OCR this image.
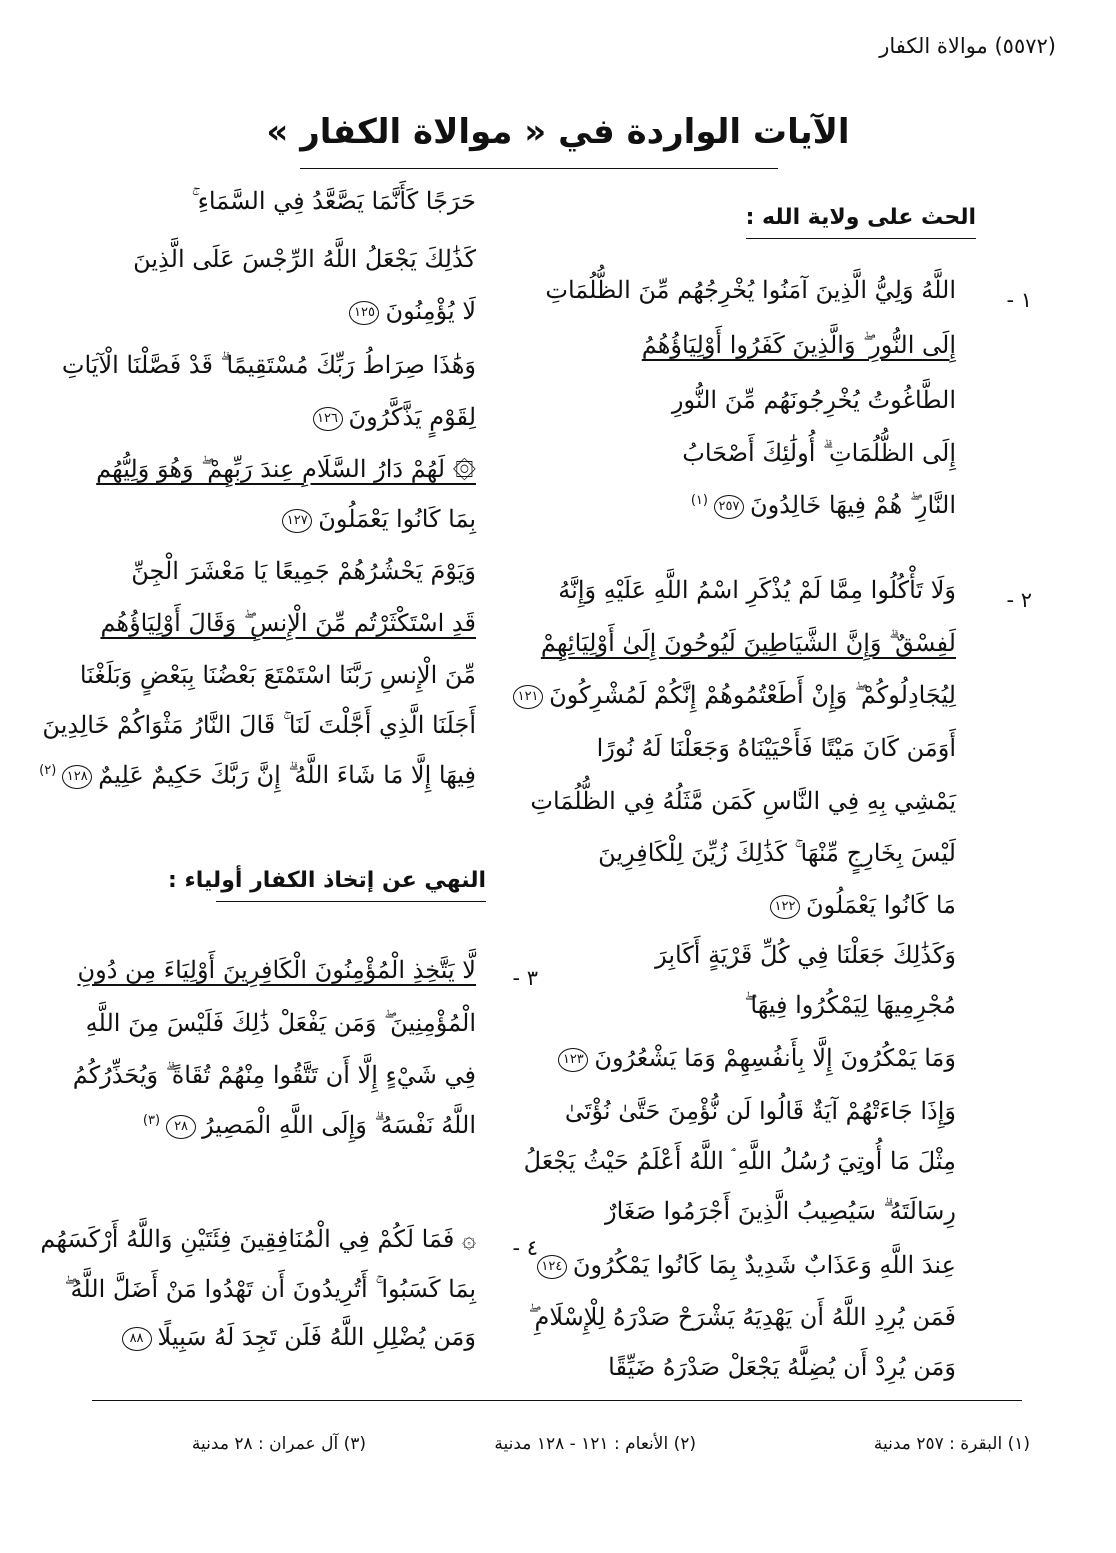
(٥٥٧٢) موالاة الكفار
الآيات الواردة في « موالاة الكفار »
الحث على ولاية الله :
١ -
اللَّهُ وَلِيُّ الَّذِينَ آمَنُوا يُخْرِجُهُم مِّنَ الظُّلُمَاتِ
إِلَى النُّورِ ۖ وَالَّذِينَ كَفَرُوا أَوْلِيَاؤُهُمُ
الطَّاغُوتُ يُخْرِجُونَهُم مِّنَ النُّورِ
إِلَى الظُّلُمَاتِ ۗ أُولَٰئِكَ أَصْحَابُ
النَّارِ ۖ هُمْ فِيهَا خَالِدُونَ٢٥٧$^{(١)}$
٢ -
وَلَا تَأْكُلُوا مِمَّا لَمْ يُذْكَرِ اسْمُ اللَّهِ عَلَيْهِ وَإِنَّهُ
لَفِسْقٌ ۗ وَإِنَّ الشَّيَاطِينَ لَيُوحُونَ إِلَىٰ أَوْلِيَائِهِمْ
لِيُجَادِلُوكُمْ ۖ وَإِنْ أَطَعْتُمُوهُمْ إِنَّكُمْ لَمُشْرِكُونَ١٢١
أَوَمَن كَانَ مَيْتًا فَأَحْيَيْنَاهُ وَجَعَلْنَا لَهُ نُورًا
يَمْشِي بِهِ فِي النَّاسِ كَمَن مَّثَلُهُ فِي الظُّلُمَاتِ
لَيْسَ بِخَارِجٍ مِّنْهَا ۚ كَذَٰلِكَ زُيِّنَ لِلْكَافِرِينَ
مَا كَانُوا يَعْمَلُونَ١٢٢
وَكَذَٰلِكَ جَعَلْنَا فِي كُلِّ قَرْيَةٍ أَكَابِرَ
مُجْرِمِيهَا لِيَمْكُرُوا فِيهَا ۖ
وَمَا يَمْكُرُونَ إِلَّا بِأَنفُسِهِمْ وَمَا يَشْعُرُونَ١٢٣
وَإِذَا جَاءَتْهُمْ آيَةٌ قَالُوا لَن نُّؤْمِنَ حَتَّىٰ نُؤْتَىٰ
مِثْلَ مَا أُوتِيَ رُسُلُ اللَّهِ ۘ اللَّهُ أَعْلَمُ حَيْثُ يَجْعَلُ
رِسَالَتَهُ ۗ سَيُصِيبُ الَّذِينَ أَجْرَمُوا صَغَارٌ
عِندَ اللَّهِ وَعَذَابٌ شَدِيدٌ بِمَا كَانُوا يَمْكُرُونَ١٢٤
فَمَن يُرِدِ اللَّهُ أَن يَهْدِيَهُ يَشْرَحْ صَدْرَهُ لِلْإِسْلَامِ ۖ
وَمَن يُرِدْ أَن يُضِلَّهُ يَجْعَلْ صَدْرَهُ ضَيِّقًا
حَرَجًا كَأَنَّمَا يَصَّعَّدُ فِي السَّمَاءِ ۚ
كَذَٰلِكَ يَجْعَلُ اللَّهُ الرِّجْسَ عَلَى الَّذِينَ
لَا يُؤْمِنُونَ١٢٥
وَهَٰذَا صِرَاطُ رَبِّكَ مُسْتَقِيمًا ۗ قَدْ فَصَّلْنَا الْآيَاتِ
لِقَوْمٍ يَذَّكَّرُونَ١٢٦
۞ لَهُمْ دَارُ السَّلَامِ عِندَ رَبِّهِمْ ۖ وَهُوَ وَلِيُّهُم
بِمَا كَانُوا يَعْمَلُونَ١٢٧
وَيَوْمَ يَحْشُرُهُمْ جَمِيعًا يَا مَعْشَرَ الْجِنِّ
قَدِ اسْتَكْثَرْتُم مِّنَ الْإِنسِ ۖ وَقَالَ أَوْلِيَاؤُهُم
مِّنَ الْإِنسِ رَبَّنَا اسْتَمْتَعَ بَعْضُنَا بِبَعْضٍ وَبَلَغْنَا
أَجَلَنَا الَّذِي أَجَّلْتَ لَنَا ۚ قَالَ النَّارُ مَثْوَاكُمْ خَالِدِينَ
فِيهَا إِلَّا مَا شَاءَ اللَّهُ ۗ إِنَّ رَبَّكَ حَكِيمٌ عَلِيمٌ١٢٨$^{(٢)}$
النهي عن إتخاذ الكفار أولياء :
٣ -
لَّا يَتَّخِذِ الْمُؤْمِنُونَ الْكَافِرِينَ أَوْلِيَاءَ مِن دُونِ
الْمُؤْمِنِينَ ۖ وَمَن يَفْعَلْ ذَٰلِكَ فَلَيْسَ مِنَ اللَّهِ
فِي شَيْءٍ إِلَّا أَن تَتَّقُوا مِنْهُمْ تُقَاةً ۗ وَيُحَذِّرُكُمُ
اللَّهُ نَفْسَهُ ۗ وَإِلَى اللَّهِ الْمَصِيرُ٢٨$^{(٣)}$
٤ -
۞ فَمَا لَكُمْ فِي الْمُنَافِقِينَ فِئَتَيْنِ وَاللَّهُ أَرْكَسَهُم
بِمَا كَسَبُوا ۚ أَتُرِيدُونَ أَن تَهْدُوا مَنْ أَضَلَّ اللَّهُ ۖ
وَمَن يُضْلِلِ اللَّهُ فَلَن تَجِدَ لَهُ سَبِيلًا٨٨
(١) البقرة : ٢٥٧ مدنية
(٢) الأنعام : ١٢١ - ١٢٨ مدنية
(٣) آل عمران : ٢٨ مدنية
